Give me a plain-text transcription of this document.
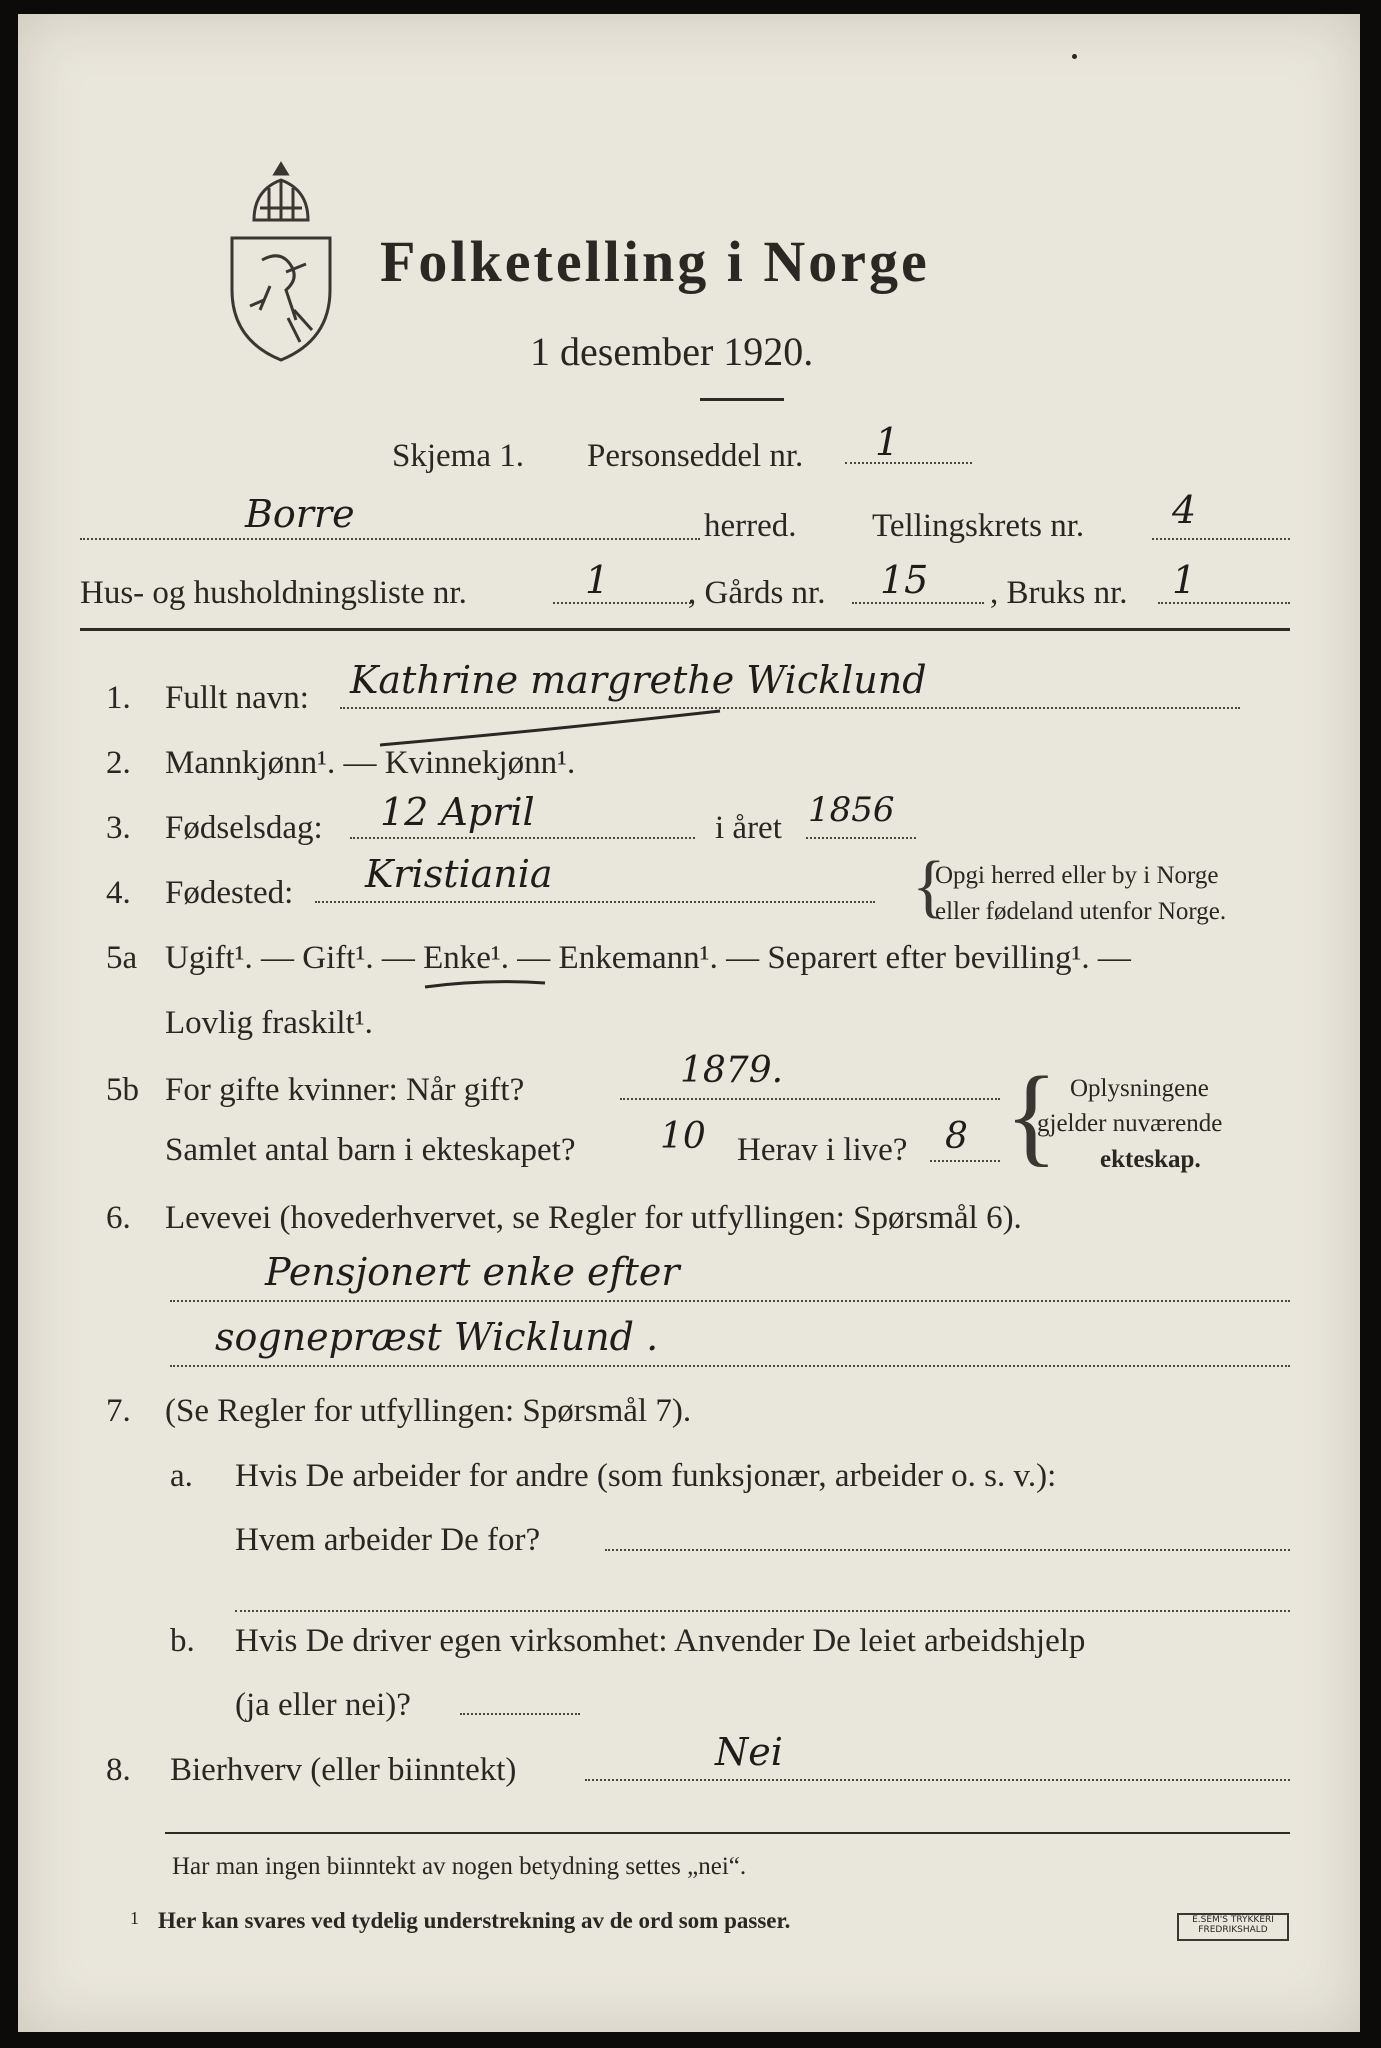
Folketelling i Norge
1 desember 1920.
Skjema 1. Personseddel nr. 1
Borre	herred. Tellingskrets nr. 4
Hus- og husholdningsliste nr.	1 , Gårds nr. 15 , Bruks nr. 1
1. Fullt navn: Kathrine margrethe Wicklund
2. Mannkjønn¹. — Kvinnekjønn¹.
3. Fødselsdag: 12 April	i året 1856
4. Fødested: Kristiania	{
Opgi herred eller by i Norge
eller fødeland utenfor Norge.
5a Ugift¹. — Gift¹. — Enke¹. — Enkemann¹. — Separert efter bevilling¹. —
Lovlig fraskilt¹.
5b For gifte kvinner: Når gift?	1879.
Samlet antal barn i ekteskapet? 10 Herav i live? 8 { Oplysningene
gjelder nuværende
ekteskap.
6. Levevei (hovederhvervet, se Regler for utfyllingen: Spørsmål 6).
Pensjonert enke efter
sognepræst Wicklund .
7. (Se Regler for utfyllingen: Spørsmål 7).
a. Hvis De arbeider for andre (som funksjonær, arbeider o. s. v.):
Hvem arbeider De for?
b. Hvis De driver egen virksomhet: Anvender De leiet arbeidshjelp
(ja eller nei)?
8. Bierhverv (eller biinntekt)	Nei
Har man ingen biinntekt av nogen betydning settes „nei“.
1 Her kan svares ved tydelig understrekning av de ord som passer.	E.SEM'S TRYKKERI FREDRIKSHALD
